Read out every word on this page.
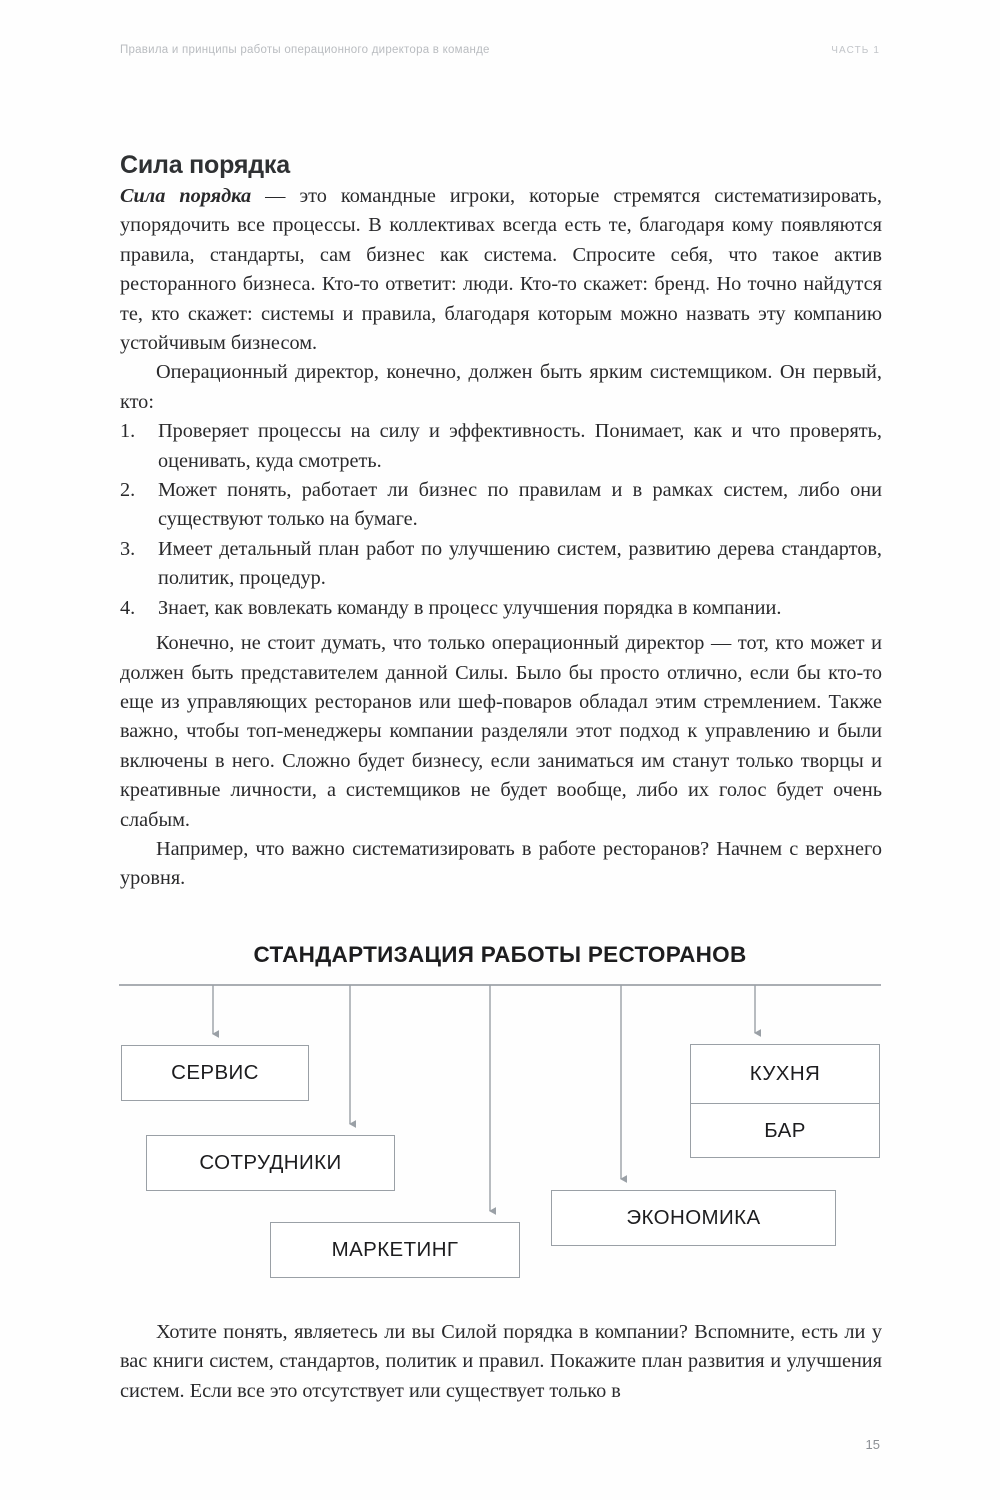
Правила и принципы работы операционного директора в команде	ЧАСТЬ 1
Сила порядка

Сила порядка — это командные игроки, которые стремятся систематизировать, упорядочить все процессы. В коллективах всегда есть те, благодаря кому появляются правила, стандарты, сам бизнес как система. Спросите себя, что такое актив ресторанного бизнеса. Кто-то ответит: люди. Кто-то скажет: бренд. Но точно найдутся те, кто скажет: системы и правила, благодаря которым можно назвать эту компанию устойчивым бизнесом.

Операционный директор, конечно, должен быть ярким системщиком. Он первый, кто:

1.	Проверяет процессы на силу и эффективность. Понимает, как и что проверять, оценивать, куда смотреть.
2.	Может понять, работает ли бизнес по правилам и в рамках систем, либо они существуют только на бумаге.
3.	Имеет детальный план работ по улучшению систем, развитию дерева стандартов, политик, процедур.
4.	Знает, как вовлекать команду в процесс улучшения порядка в компании.

Конечно, не стоит думать, что только операционный директор — тот, кто может и должен быть представителем данной Силы. Было бы просто отлично, если бы кто-то еще из управляющих ресторанов или шеф-поваров обладал этим стремлением. Также важно, чтобы топ-менеджеры компании разделяли этот подход к управлению и были включены в него. Сложно будет бизнесу, если заниматься им станут только творцы и креативные личности, а системщиков не будет вообще, либо их голос будет очень слабым.

Например, что важно систематизировать в работе ресторанов? Начнем с верхнего уровня.

СТАНДАРТИЗАЦИЯ РАБОТЫ РЕСТОРАНОВ
СЕРВИС
СОТРУДНИКИ
МАРКЕТИНГ
ЭКОНОМИКА
КУХНЯ
БАР

Хотите понять, являетесь ли вы Силой порядка в компании? Вспомните, есть ли у вас книги систем, стандартов, политик и правил. Покажите план развития и улучшения систем. Если все это отсутствует или существует только в

15
